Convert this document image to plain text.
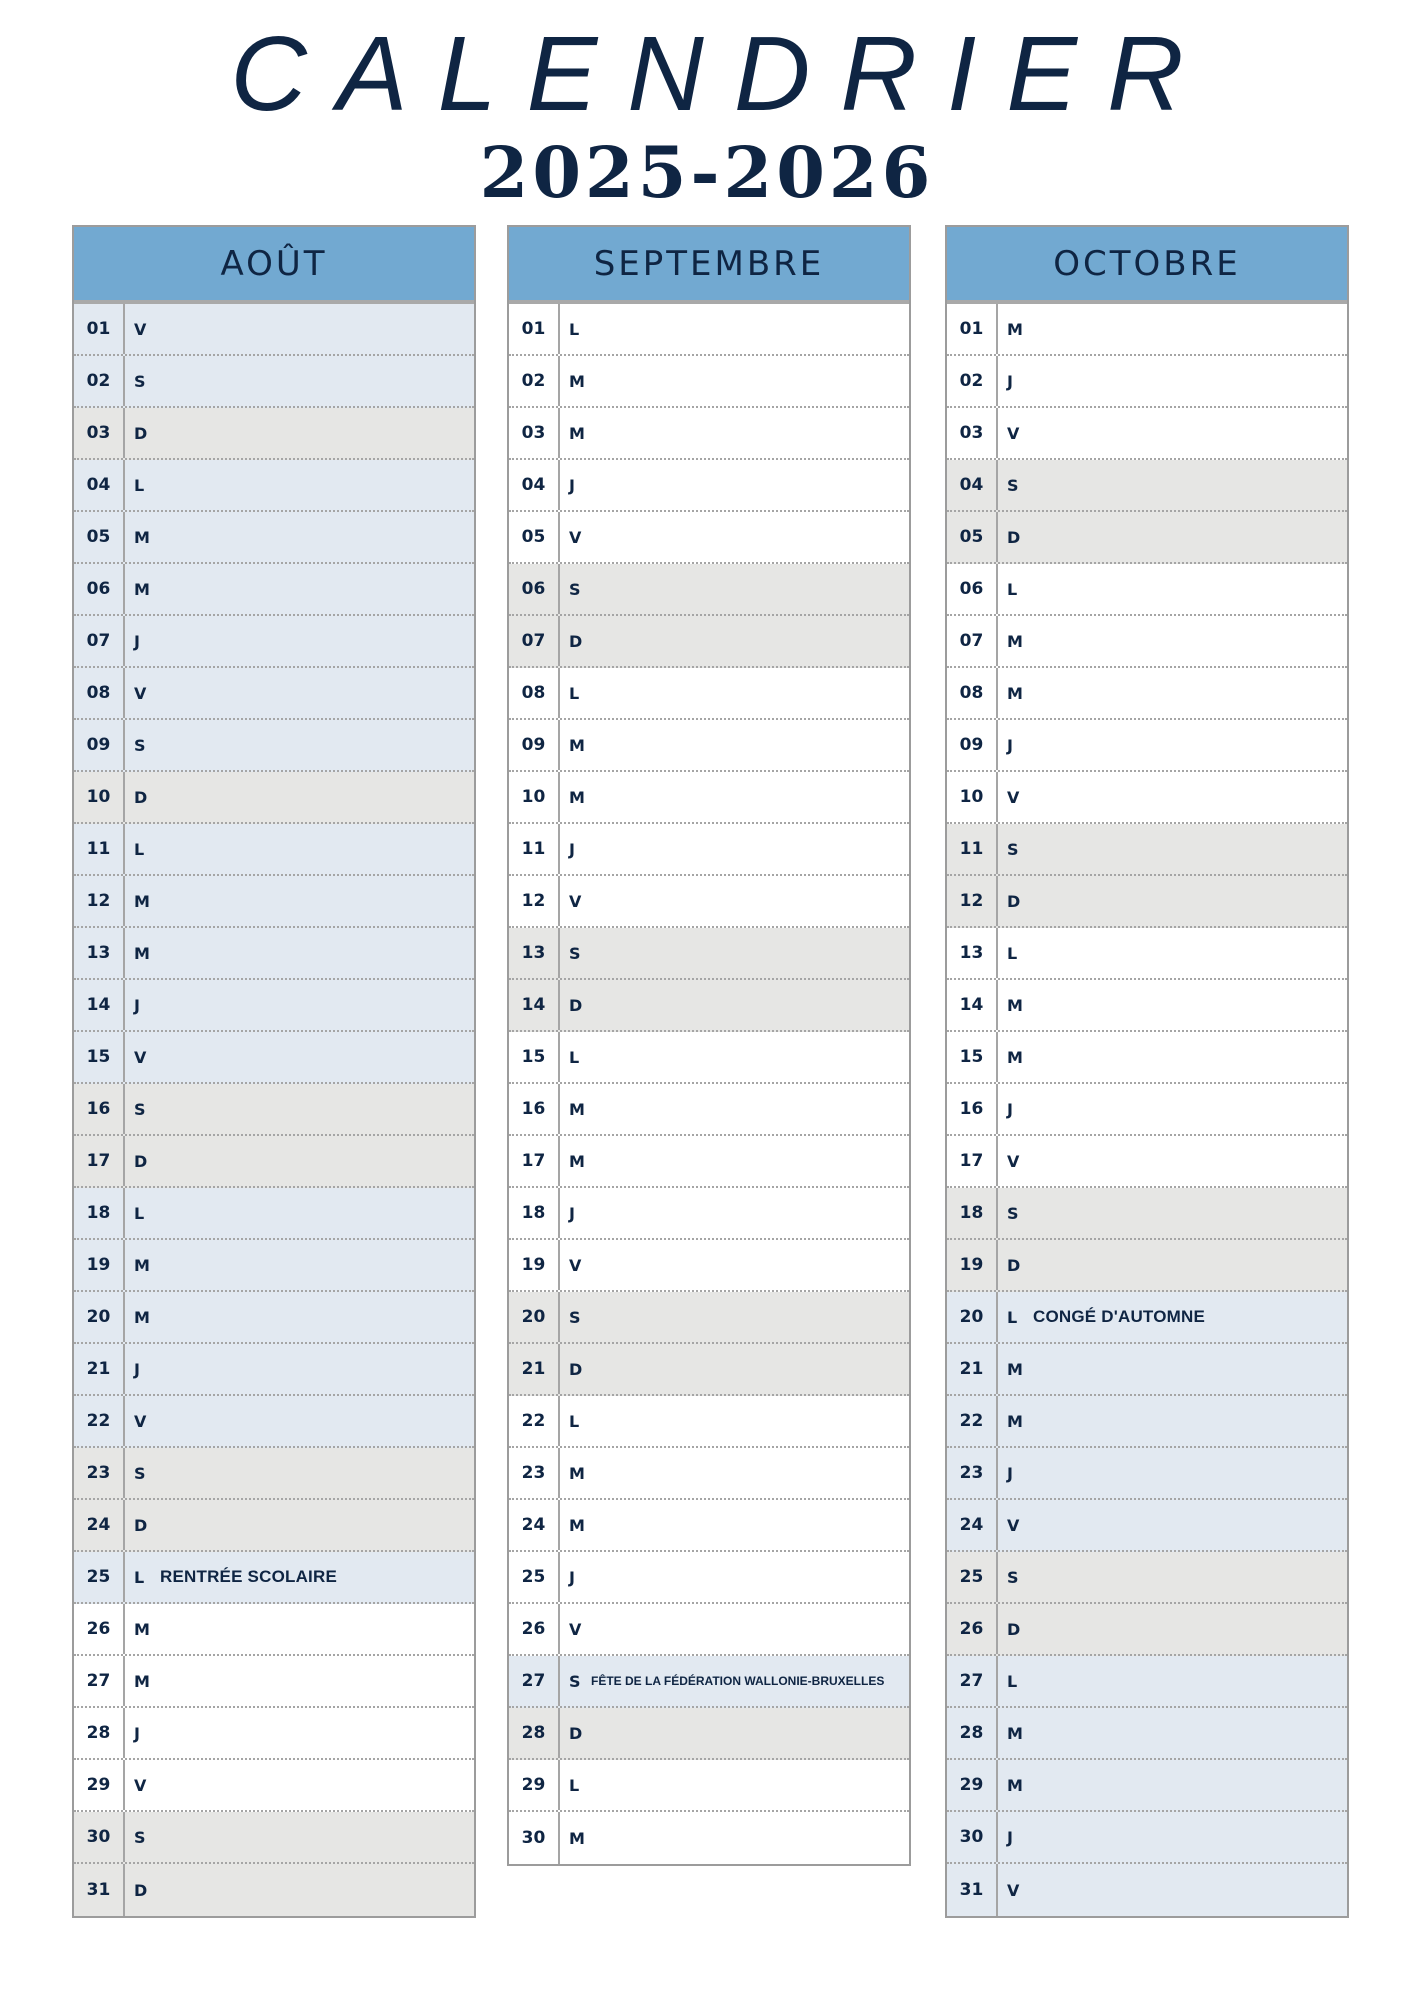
CALENDRIER
2025-2026
AOÛT
01	V
02	S
03	D
04	L
05	M
06	M
07	J
08	V
09	S
10	D
11	L
12	M
13	M
14	J
15	V
16	S
17	D
18	L
19	M
20	M
21	J
22	V
23	S
24	D
25	L RENTRÉE SCOLAIRE
26	M
27	M
28	J
29	V
30	S
31	D
SEPTEMBRE
01	L
02	M
03	M
04	J
05	V
06	S
07	D
08	L
09	M
10	M
11	J
12	V
13	S
14	D
15	L
16	M
17	M
18	J
19	V
20	S
21	D
22	L
23	M
24	M
25	J
26	V
27	S FÊTE DE LA FÉDÉRATION WALLONIE-BRUXELLES
28	D
29	L
30	M
OCTOBRE
01	M
02	J
03	V
04	S
05	D
06	L
07	M
08	M
09	J
10	V
11	S
12	D
13	L
14	M
15	M
16	J
17	V
18	S
19	D
20	L CONGÉ D'AUTOMNE
21	M
22	M
23	J
24	V
25	S
26	D
27	L
28	M
29	M
30	J
31	V
